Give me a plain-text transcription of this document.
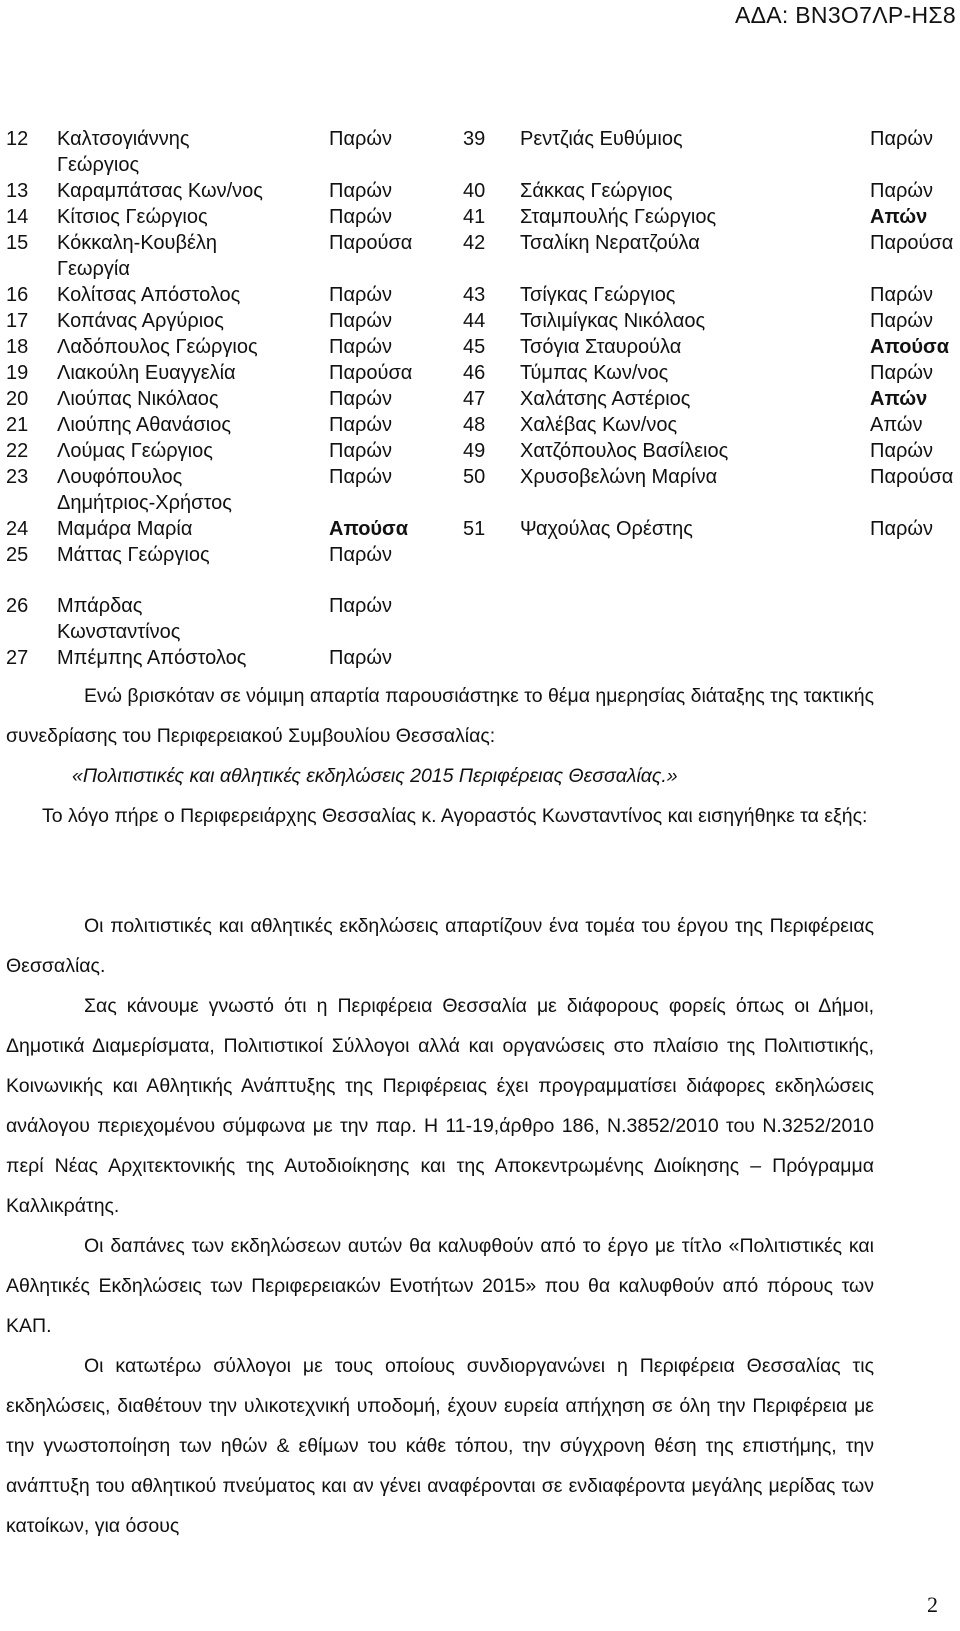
ΑΔΑ: ΒΝ3Ο7ΛΡ-ΗΣ8
12	Καλτσογιάννης	Παρών	39	Ρεντζιάς Ευθύμιος	Παρών
Γεώργιος
13	Καραμπάτσας Κων/νος	Παρών	40	Σάκκας Γεώργιος	Παρών
14	Κίτσιος Γεώργιος	Παρών	41	Σταμπουλής Γεώργιος	Απών
15	Κόκκαλη-Κουβέλη	Παρούσα	42	Τσαλίκη Νερατζούλα	Παρούσα
Γεωργία
16	Κολίτσας Απόστολος	Παρών	43	Τσίγκας Γεώργιος	Παρών
17	Κοπάνας Αργύριος	Παρών	44	Τσιλιμίγκας Νικόλαος	Παρών
18	Λαδόπουλος Γεώργιος	Παρών	45	Τσόγια Σταυρούλα	Απούσα
19	Λιακούλη Ευαγγελία	Παρούσα	46	Τύμπας Κων/νος	Παρών
20	Λιούπας Νικόλαος	Παρών	47	Χαλάτσης Αστέριος	Απών
21	Λιούπης Αθανάσιος	Παρών	48	Χαλέβας Κων/νος	Απών
22	Λούμας Γεώργιος	Παρών	49	Χατζόπουλος Βασίλειος	Παρών
23	Λουφόπουλος	Παρών	50	Χρυσοβελώνη Μαρίνα	Παρούσα
Δημήτριος-Χρήστος
24	Μαμάρα Μαρία	Απούσα	51	Ψαχούλας Ορέστης	Παρών
25	Μάττας Γεώργιος	Παρών
26	Μπάρδας	Παρών
Κωνσταντίνος
27	Μπέμπης Απόστολος	Παρών

Ενώ βρισκόταν σε νόμιμη απαρτία παρουσιάστηκε το θέμα ημερησίας διάταξης της τακτικής συνεδρίασης του Περιφερειακού Συμβουλίου Θεσσαλίας:

«Πολιτιστικές και αθλητικές εκδηλώσεις 2015 Περιφέρειας Θεσσαλίας.»

Το λόγο πήρε ο Περιφερειάρχης Θεσσαλίας κ. Αγοραστός Κωνσταντίνος και εισηγήθηκε τα εξής:

Οι πολιτιστικές και αθλητικές εκδηλώσεις απαρτίζουν ένα τομέα του έργου της Περιφέρειας Θεσσαλίας.

Σας κάνουμε γνωστό ότι η Περιφέρεια Θεσσαλία με διάφορους φορείς όπως οι Δήμοι, Δημοτικά Διαμερίσματα, Πολιτιστικοί Σύλλογοι αλλά και οργανώσεις στο πλαίσιο της Πολιτιστικής, Κοινωνικής και Αθλητικής Ανάπτυξης της Περιφέρειας έχει προγραμματίσει διάφορες εκδηλώσεις ανάλογου περιεχομένου σύμφωνα με την παρ. Η 11-19,άρθρο 186, Ν.3852/2010 του Ν.3252/2010 περί Νέας Αρχιτεκτονικής της Αυτοδιοίκησης και της Αποκεντρωμένης Διοίκησης – Πρόγραμμα Καλλικράτης.

Οι δαπάνες των εκδηλώσεων αυτών θα καλυφθούν από το έργο με τίτλο «Πολιτιστικές και Αθλητικές Εκδηλώσεις των Περιφερειακών Ενοτήτων 2015» που θα καλυφθούν από πόρους των ΚΑΠ.

Οι κατωτέρω σύλλογοι με τους οποίους συνδιοργανώνει η Περιφέρεια Θεσσαλίας τις εκδηλώσεις, διαθέτουν την υλικοτεχνική υποδομή, έχουν ευρεία απήχηση σε όλη την Περιφέρεια με την γνωστοποίηση των ηθών & εθίμων του κάθε τόπου, την σύγχρονη θέση της επιστήμης, την ανάπτυξη του αθλητικού πνεύματος και αν γένει αναφέρονται σε ενδιαφέροντα μεγάλης μερίδας των κατοίκων, για όσους

2
